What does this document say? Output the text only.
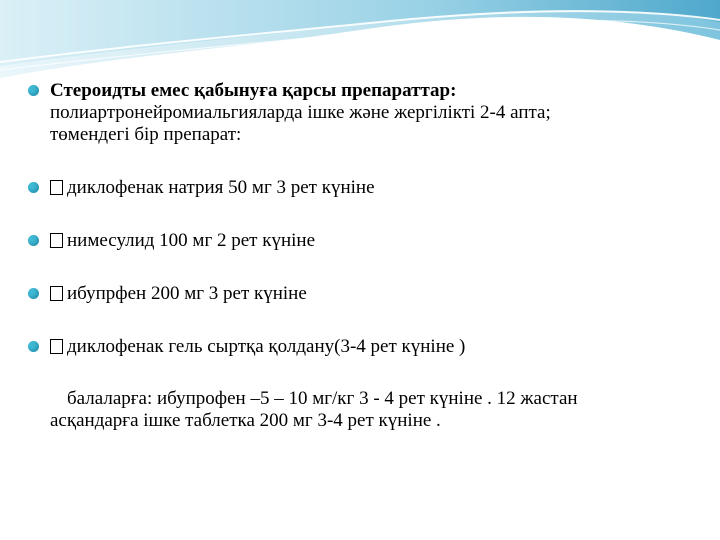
Стероидты емес қабынуға қарсы препараттар:
полиартронейромиальгияларда ішке және жергілікті 2-4 апта;
төмендегі бір препарат:
диклофенак натрия 50 мг 3 рет күніне
нимесулид 100 мг 2 рет күніне
ибупрфен 200 мг 3 рет күніне
диклофенак гель сыртқа қолдану(3-4 рет күніне )
балаларға: ибупрофен –5 – 10 мг/кг 3 - 4 рет күніне . 12 жастан
асқандарға ішке таблетка 200 мг 3-4 рет күніне .
